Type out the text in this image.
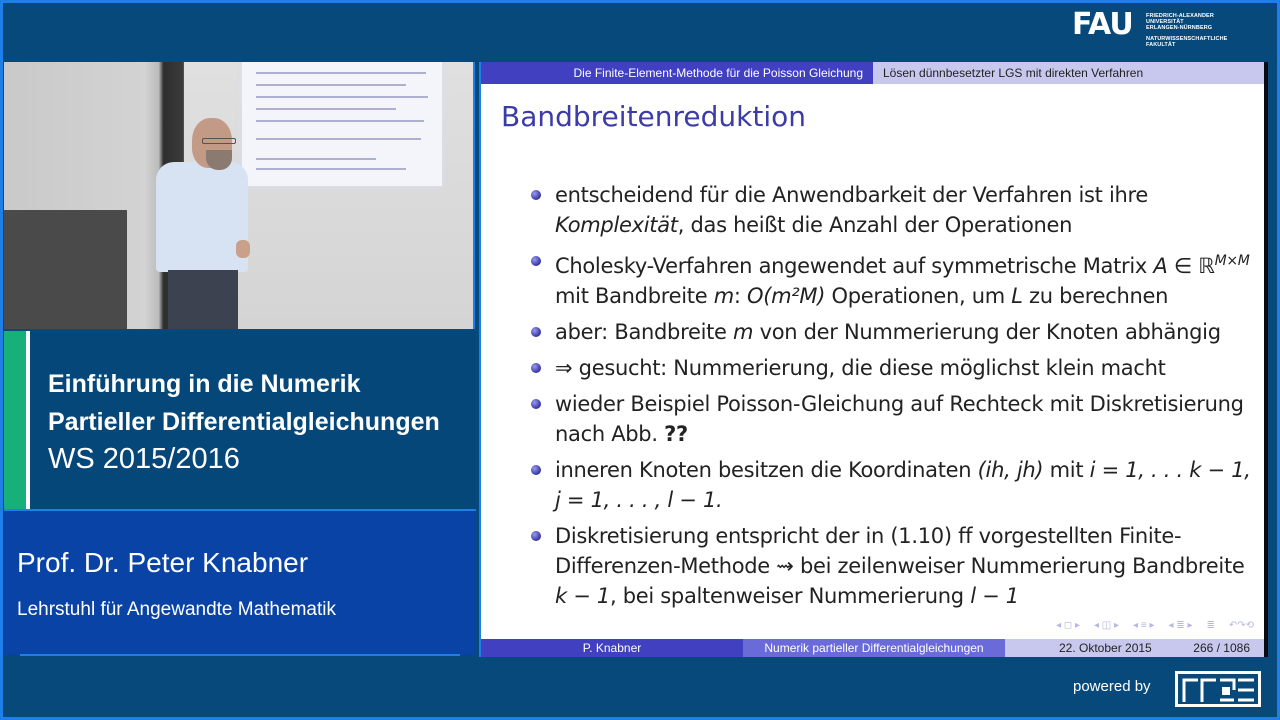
FAU FRIEDRICH-ALEXANDER
UNIVERSITÄT
ERLANGEN-NÜRNBERG
NATURWISSENSCHAFTLICHE
FAKULTÄT
Einführung in die Numerik
Partieller Differentialgleichungen
WS 2015/2016
Prof. Dr. Peter Knabner
Lehrstuhl für Angewandte Mathematik
Die Finite-Element-Methode für die Poisson Gleichung	Lösen dünnbesetzter LGS mit direkten Verfahren
Bandbreitenreduktion
entscheidend für die Anwendbarkeit der Verfahren ist ihre Komplexität, das heißt die Anzahl der Operationen
Cholesky-Verfahren angewendet auf symmetrische Matrix A ∈ ℝ$^{M\times M}$ mit Bandbreite m: O(m²M) Operationen, um L zu berechnen
aber: Bandbreite m von der Nummerierung der Knoten abhängig
⇒ gesucht: Nummerierung, die diese möglichst klein macht
wieder Beispiel Poisson-Gleichung auf Rechteck mit Diskretisierung nach Abb. ??
inneren Knoten besitzen die Koordinaten (ih, jh) mit i = 1, . . . k − 1, j = 1, . . . , l − 1.
Diskretisierung entspricht der in (1.10) ff vorgestellten Finite-Differenzen-Methode ⇝ bei zeilenweiser Nummerierung Bandbreite k − 1, bei spaltenweiser Nummerierung l − 1
◂ ◻ ▸ ◂ ◫ ▸ ◂ ≡ ▸ ◂ ≣ ▸ ≣ ↶↷⟲
P. Knabner	Numerik partieller Differentialgleichungen	22. Oktober 2015	266 / 1086
powered by
